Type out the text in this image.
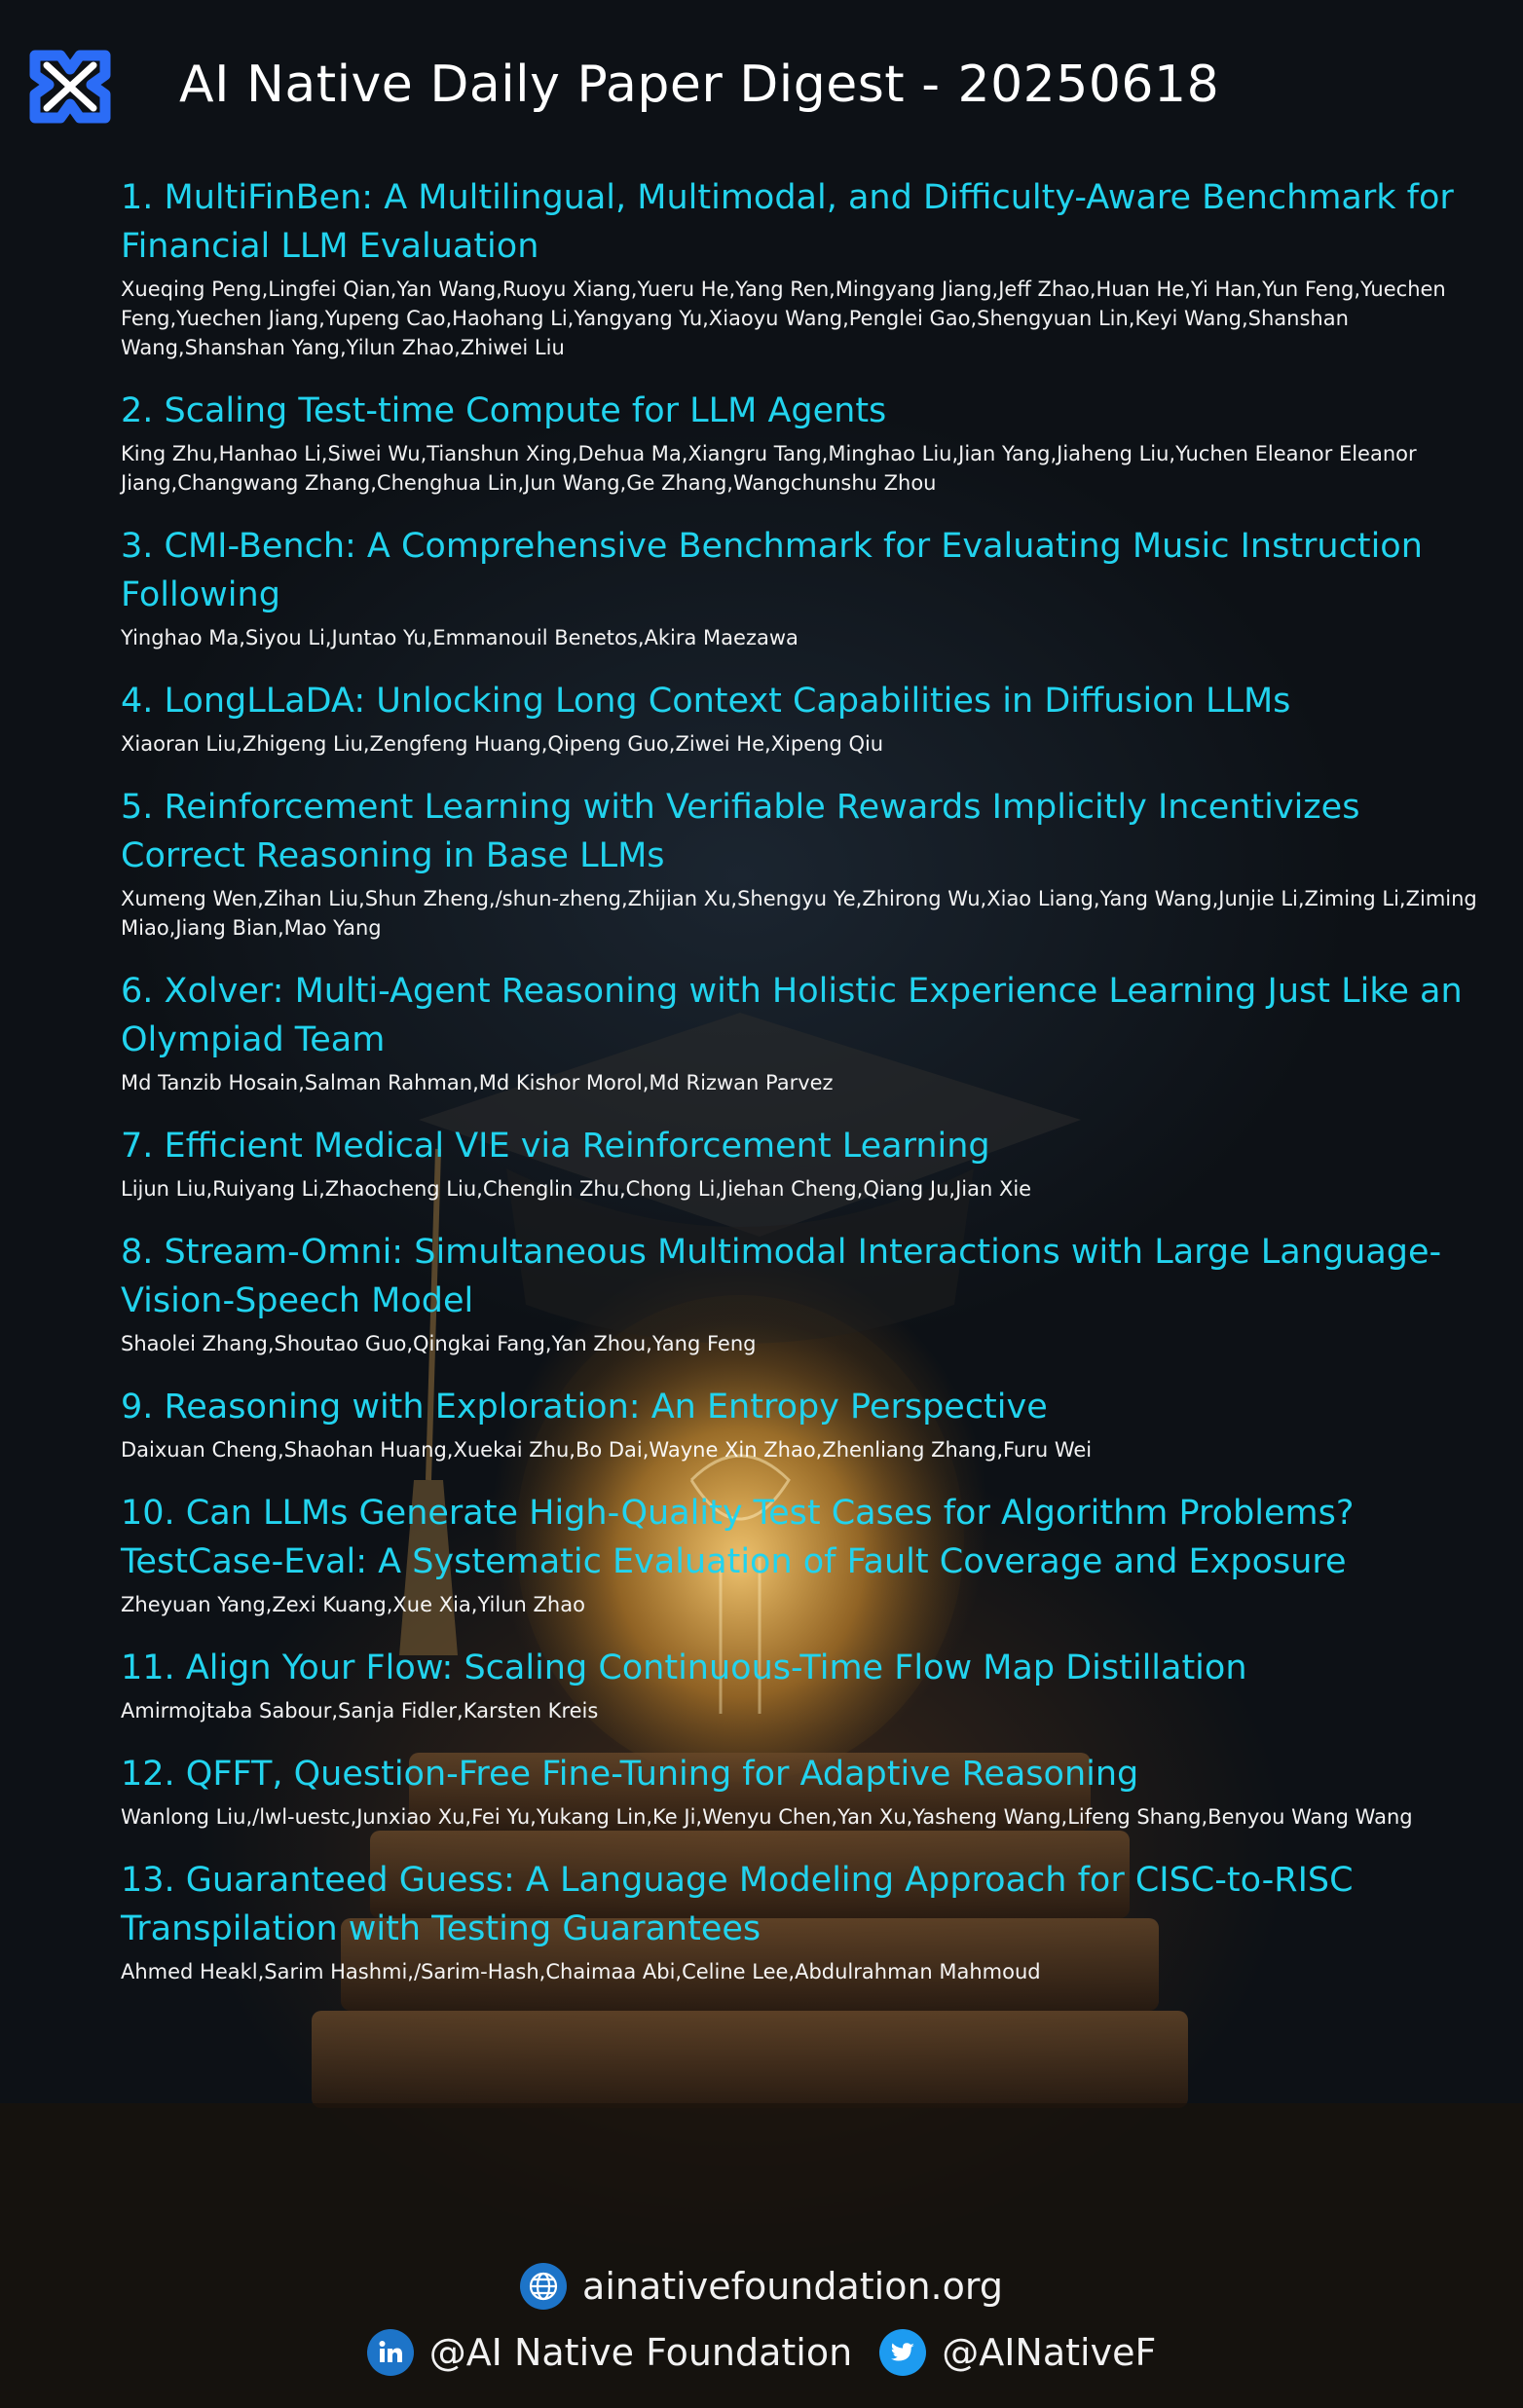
AI Native Daily Paper Digest - 20250618
1. MultiFinBen: A Multilingual, Multimodal, and Difficulty-Aware Benchmark for Financial LLM Evaluation
Xueqing Peng,Lingfei Qian,Yan Wang,Ruoyu Xiang,Yueru He,Yang Ren,Mingyang Jiang,Jeff Zhao,Huan He,Yi Han,Yun Feng,Yuechen Feng,Yuechen Jiang,Yupeng Cao,Haohang Li,Yangyang Yu,Xiaoyu Wang,Penglei Gao,Shengyuan Lin,Keyi Wang,Shanshan Wang,Shanshan Yang,Yilun Zhao,Zhiwei Liu
2. Scaling Test-time Compute for LLM Agents
King Zhu,Hanhao Li,Siwei Wu,Tianshun Xing,Dehua Ma,Xiangru Tang,Minghao Liu,Jian Yang,Jiaheng Liu,Yuchen Eleanor Eleanor Jiang,Changwang Zhang,Chenghua Lin,Jun Wang,Ge Zhang,Wangchunshu Zhou
3. CMI-Bench: A Comprehensive Benchmark for Evaluating Music Instruction Following
Yinghao Ma,Siyou Li,Juntao Yu,Emmanouil Benetos,Akira Maezawa
4. LongLLaDA: Unlocking Long Context Capabilities in Diffusion LLMs
Xiaoran Liu,Zhigeng Liu,Zengfeng Huang,Qipeng Guo,Ziwei He,Xipeng Qiu
5. Reinforcement Learning with Verifiable Rewards Implicitly Incentivizes Correct Reasoning in Base LLMs
Xumeng Wen,Zihan Liu,Shun Zheng,/shun-zheng,Zhijian Xu,Shengyu Ye,Zhirong Wu,Xiao Liang,Yang Wang,Junjie Li,Ziming Li,Ziming Miao,Jiang Bian,Mao Yang
6. Xolver: Multi-Agent Reasoning with Holistic Experience Learning Just Like an Olympiad Team
Md Tanzib Hosain,Salman Rahman,Md Kishor Morol,Md Rizwan Parvez
7. Efficient Medical VIE via Reinforcement Learning
Lijun Liu,Ruiyang Li,Zhaocheng Liu,Chenglin Zhu,Chong Li,Jiehan Cheng,Qiang Ju,Jian Xie
8. Stream-Omni: Simultaneous Multimodal Interactions with Large Language-Vision-Speech Model
Shaolei Zhang,Shoutao Guo,Qingkai Fang,Yan Zhou,Yang Feng
9. Reasoning with Exploration: An Entropy Perspective
Daixuan Cheng,Shaohan Huang,Xuekai Zhu,Bo Dai,Wayne Xin Zhao,Zhenliang Zhang,Furu Wei
10. Can LLMs Generate High-Quality Test Cases for Algorithm Problems? TestCase-Eval: A Systematic Evaluation of Fault Coverage and Exposure
Zheyuan Yang,Zexi Kuang,Xue Xia,Yilun Zhao
11. Align Your Flow: Scaling Continuous-Time Flow Map Distillation
Amirmojtaba Sabour,Sanja Fidler,Karsten Kreis
12. QFFT, Question-Free Fine-Tuning for Adaptive Reasoning
Wanlong Liu,/lwl-uestc,Junxiao Xu,Fei Yu,Yukang Lin,Ke Ji,Wenyu Chen,Yan Xu,Yasheng Wang,Lifeng Shang,Benyou Wang Wang
13. Guaranteed Guess: A Language Modeling Approach for CISC-to-RISC Transpilation with Testing Guarantees
Ahmed Heakl,Sarim Hashmi,/Sarim-Hash,Chaimaa Abi,Celine Lee,Abdulrahman Mahmoud
ainativefoundation.org
@AI Native Foundation @AINativeF
